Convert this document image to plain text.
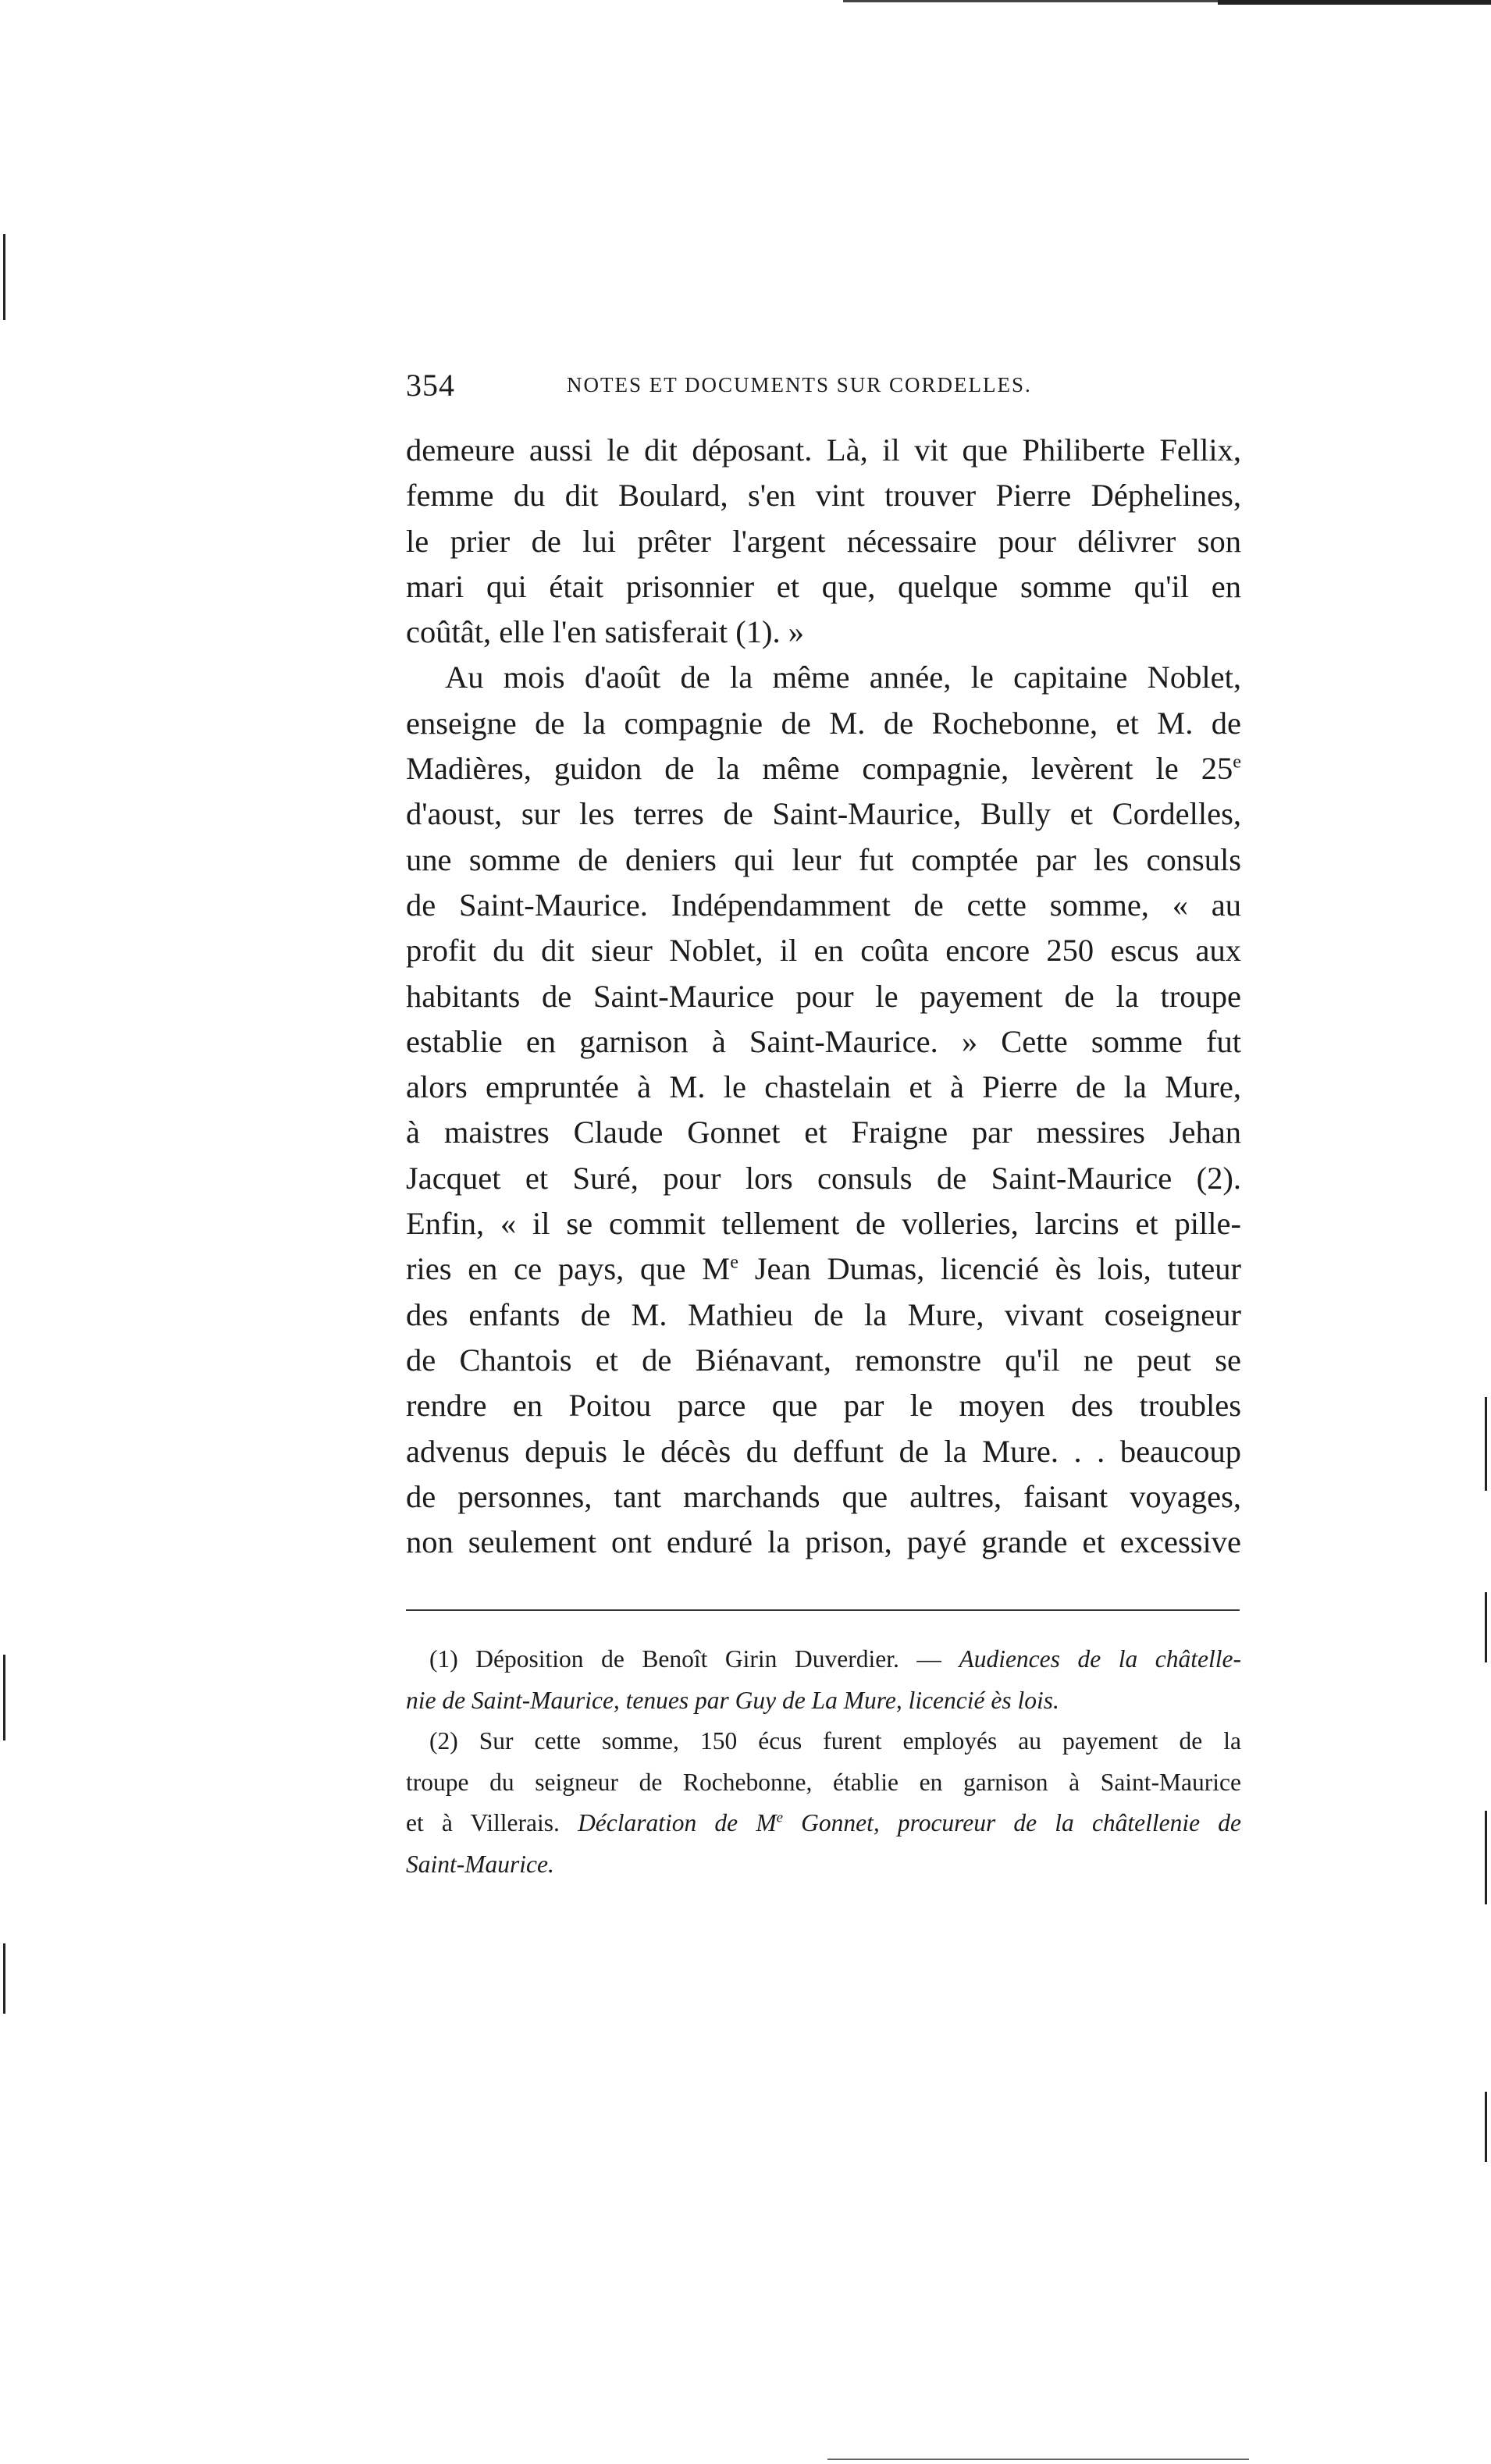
354	NOTES ET DOCUMENTS SUR CORDELLES.
demeure aussi le dit déposant. Là, il vit que Philiberte Fellix,
femme du dit Boulard, s'en vint trouver Pierre Déphelines,
le prier de lui prêter l'argent nécessaire pour délivrer son
mari qui était prisonnier et que, quelque somme qu'il en
coûtât, elle l'en satisferait (1). »
Au mois d'août de la même année, le capitaine Noblet,
enseigne de la compagnie de M. de Rochebonne, et M. de
Madières, guidon de la même compagnie, levèrent le 25e
d'aoust, sur les terres de Saint-Maurice, Bully et Cordelles,
une somme de deniers qui leur fut comptée par les consuls
de Saint-Maurice. Indépendamment de cette somme, « au
profit du dit sieur Noblet, il en coûta encore 250 escus aux
habitants de Saint-Maurice pour le payement de la troupe
establie en garnison à Saint-Maurice. » Cette somme fut
alors empruntée à M. le chastelain et à Pierre de la Mure,
à maistres Claude Gonnet et Fraigne par messires Jehan
Jacquet et Suré, pour lors consuls de Saint-Maurice (2).
Enfin, « il se commit tellement de volleries, larcins et pille-
ries en ce pays, que Me Jean Dumas, licencié ès lois, tuteur
des enfants de M. Mathieu de la Mure, vivant coseigneur
de Chantois et de Biénavant, remonstre qu'il ne peut se
rendre en Poitou parce que par le moyen des troubles
advenus depuis le décès du deffunt de la Mure. . . beaucoup
de personnes, tant marchands que aultres, faisant voyages,
non seulement ont enduré la prison, payé grande et excessive
(1) Déposition de Benoît Girin Duverdier. — Audiences de la châtelle-
nie de Saint-Maurice, tenues par Guy de La Mure, licencié ès lois.
(2) Sur cette somme, 150 écus furent employés au payement de la
troupe du seigneur de Rochebonne, établie en garnison à Saint-Maurice
et à Villerais. Déclaration de Me Gonnet, procureur de la châtellenie de
Saint-Maurice.
